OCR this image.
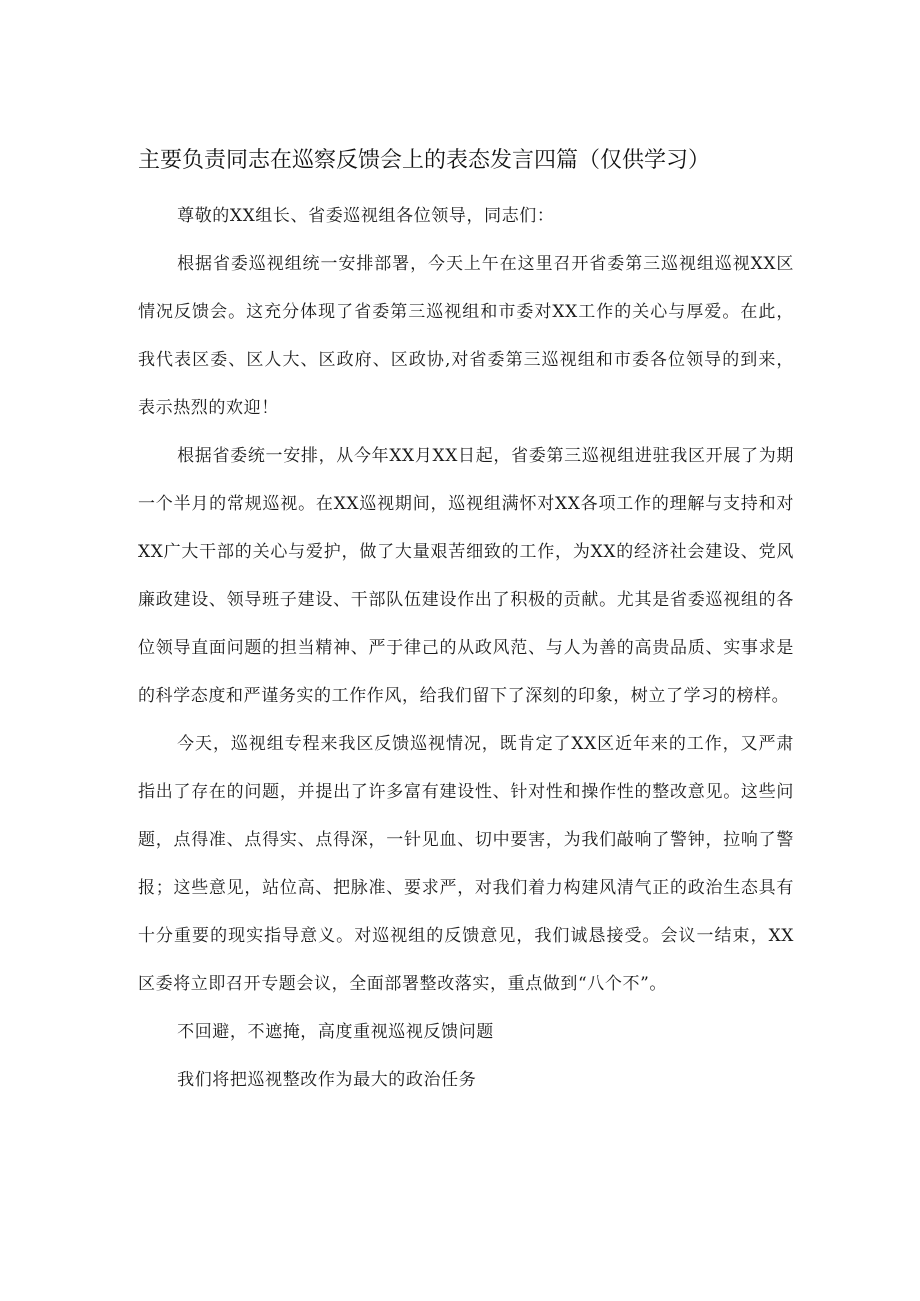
主要负责同志在巡察反馈会上的表态发言四篇（仅供学习）

尊敬的XX组长、省委巡视组各位领导，同志们：

根据省委巡视组统一安排部署，今天上午在这里召开省委第三巡视组巡视XX区情况反馈会。这充分体现了省委第三巡视组和市委对XX工作的关心与厚爱。在此，我代表区委、区人大、区政府、区政协,对省委第三巡视组和市委各位领导的到来，表示热烈的欢迎！

根据省委统一安排，从今年XX月XX日起，省委第三巡视组进驻我区开展了为期一个半月的常规巡视。在XX巡视期间，巡视组满怀对XX各项工作的理解与支持和对XX广大干部的关心与爱护，做了大量艰苦细致的工作，为XX的经济社会建设、党风廉政建设、领导班子建设、干部队伍建设作出了积极的贡献。尤其是省委巡视组的各位领导直面问题的担当精神、严于律己的从政风范、与人为善的高贵品质、实事求是的科学态度和严谨务实的工作作风，给我们留下了深刻的印象，树立了学习的榜样。

今天，巡视组专程来我区反馈巡视情况，既肯定了XX区近年来的工作，又严肃指出了存在的问题，并提出了许多富有建设性、针对性和操作性的整改意见。这些问题，点得准、点得实、点得深，一针见血、切中要害，为我们敲响了警钟，拉响了警报；这些意见，站位高、把脉准、要求严，对我们着力构建风清气正的政治生态具有十分重要的现实指导意义。对巡视组的反馈意见，我们诚恳接受。会议一结束，XX区委将立即召开专题会议，全面部署整改落实，重点做到“八个不”。

不回避，不遮掩，高度重视巡视反馈问题

我们将把巡视整改作为最大的政治任务
